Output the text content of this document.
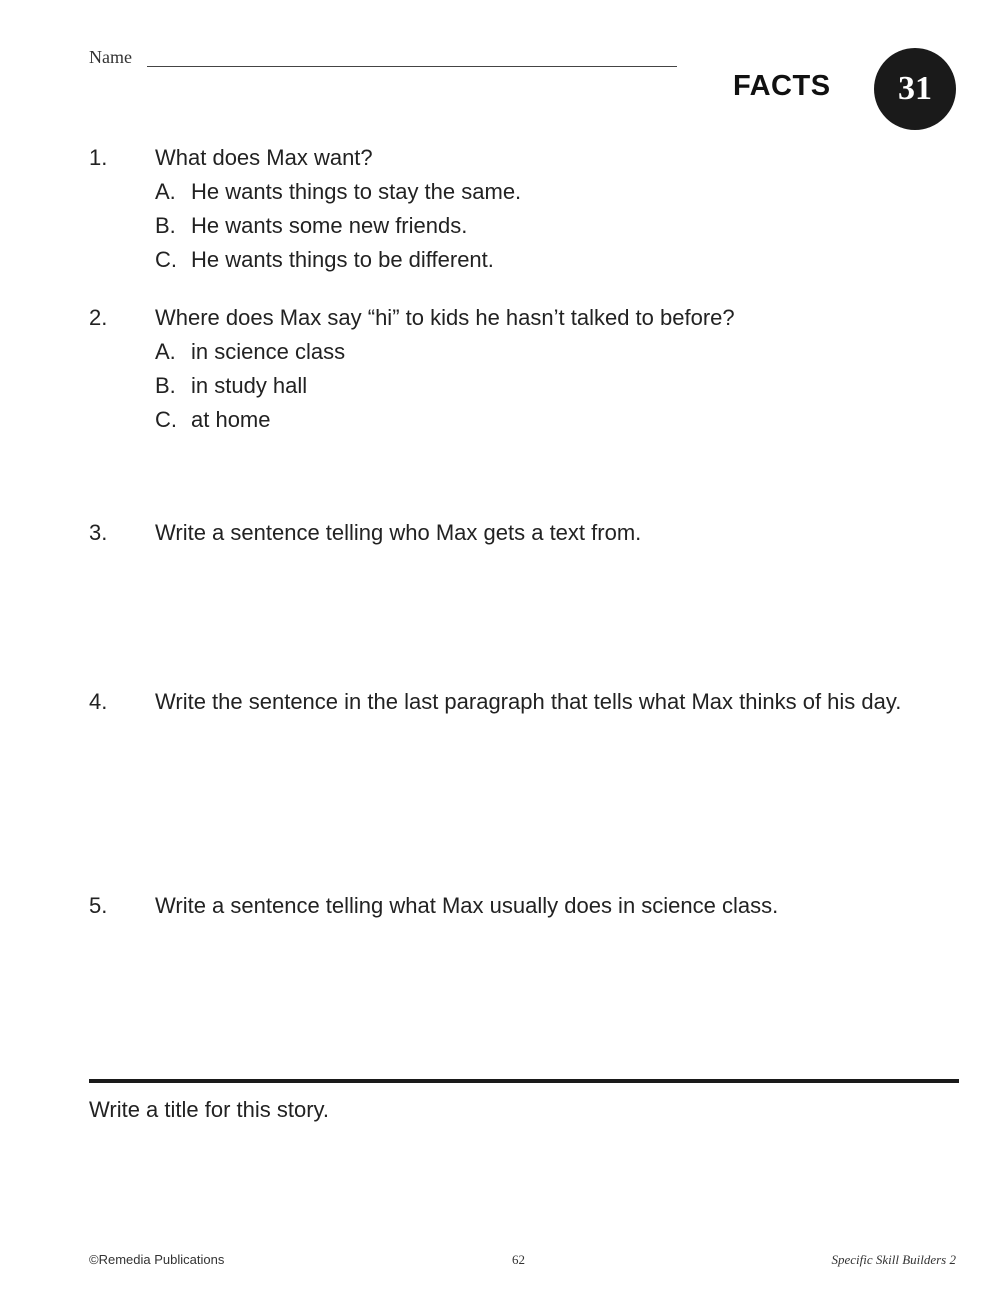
Name
FACTS	31
1. What does Max want?
A. He wants things to stay the same.
B. He wants some new friends.
C. He wants things to be different.
2. Where does Max say “hi” to kids he hasn’t talked to before?
A. in science class
B. in study hall
C. at home
3. Write a sentence telling who Max gets a text from.
4. Write the sentence in the last paragraph that tells what Max thinks of his day.
5. Write a sentence telling what Max usually does in science class.
Write a title for this story.
©Remedia Publications	62	Specific Skill Builders 2
